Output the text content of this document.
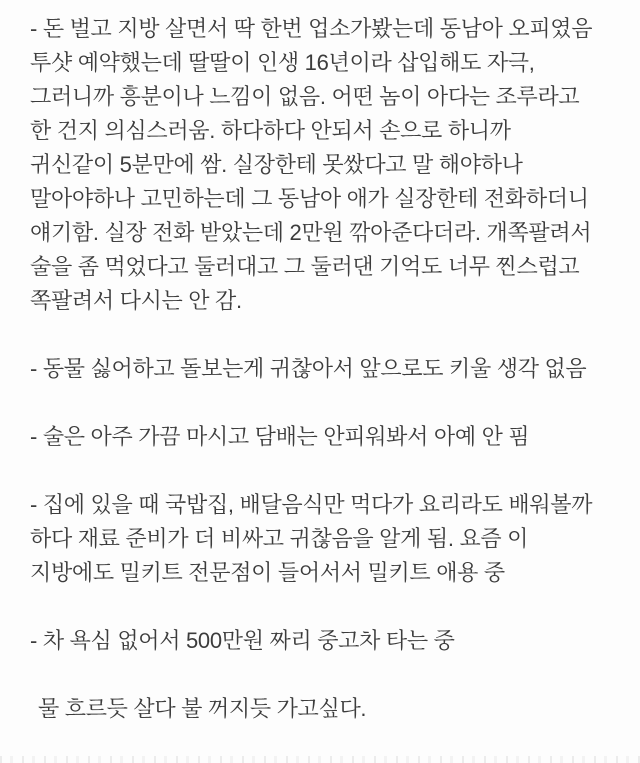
- 돈 벌고 지방 살면서 딱 한번 업소가봤는데 동남아 오피였음
투샷 예약했는데 딸딸이 인생 16년이라 삽입해도 자극,
그러니까 흥분이나 느낌이 없음. 어떤 놈이 아다는 조루라고
한 건지 의심스러움. 하다하다 안되서 손으로 하니까
귀신같이 5분만에 쌈. 실장한테 못쌌다고 말 해야하나
말아야하나 고민하는데 그 동남아 애가 실장한테 전화하더니
얘기함. 실장 전화 받았는데 2만원 깎아준다더라. 개쪽팔려서
술을 좀 먹었다고 둘러대고 그 둘러댄 기억도 너무 찐스럽고
쪽팔려서 다시는 안 감.
- 동물 싫어하고 돌보는게 귀찮아서 앞으로도 키울 생각 없음
- 술은 아주 가끔 마시고 담배는 안피워봐서 아예 안 핌
- 집에 있을 때 국밥집, 배달음식만 먹다가 요리라도 배워볼까
하다 재료 준비가 더 비싸고 귀찮음을 알게 됨. 요즘 이
지방에도 밀키트 전문점이 들어서서 밀키트 애용 중
- 차 욕심 없어서 500만원 짜리 중고차 타는 중
물 흐르듯 살다 불 꺼지듯 가고싶다.
